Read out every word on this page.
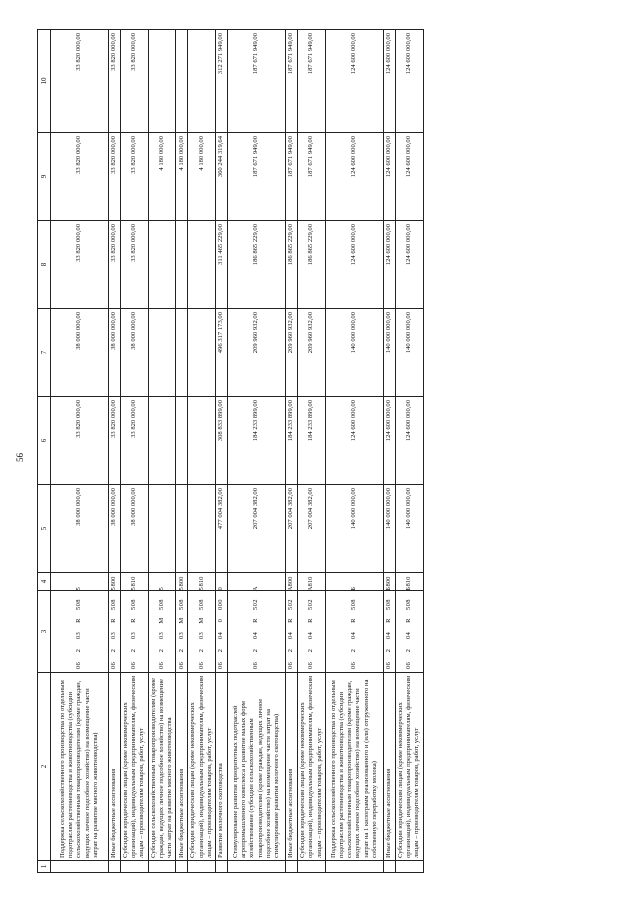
56
1	2	3	4	5	6	7	8	9	10
	Поддержка сельскохозяйственного производства по отдельным подотраслям растениеводства и животноводства (субсидии сельскохозяйственным товаропроизводителям (кроме граждан, ведущих личное подсобное хозяйство) на возмещение части затрат на развитие мясного животноводства)	06203R5085		38 000 000,00	33 820 000,00	38 000 000,00	33 820 000,00	33 820 000,00	33 820 000,00
	Иные бюджетные ассигнования	06203R5085	800	38 000 000,00	33 820 000,00	38 000 000,00	33 820 000,00	33 820 000,00	33 820 000,00
	Субсидии юридическим лицам (кроме некоммерческих организаций), индивидуальным предпринимателям, физическим лицам – производителям товаров, работ, услуг	06203R5085	810	38 000 000,00	33 820 000,00	38 000 000,00	33 820 000,00	33 820 000,00	33 820 000,00
	Субсидии сельскохозяйственным товаропроизводителям (кроме граждан, ведущих личное подсобное хозяйство) на возмещение части затрат на развитие мясного животноводства	06203M5085						4 180 000,00	
	Иные бюджетные ассигнования	06203M5085	800					4 180 000,00	
	Субсидии юридическим лицам (кроме некоммерческих организаций), индивидуальным предпринимателям, физическим лицам – производителям товаров, работ, услуг	06203M5085	810					4 180 000,00	
	Развитие молочного скотоводства	0620400000		477 004 382,00	308 833 899,00	496 317 173,00	311 465 229,00	360 244 319,64	312 271 949,00
	Стимулирование развития приоритетных подотраслей агропромышленного комплекса и развитие малых форм хозяйствования (субсидии сельскохозяйственным товаропроизводителям (кроме граждан, ведущих личное подсобное хозяйство) на возмещение части затрат на стимулирование развития молочного скотоводства)	06204R502А		207 004 382,00	184 233 899,00	209 960 932,00	186 865 229,00	187 671 949,00	187 671 949,00
	Иные бюджетные ассигнования	06204R502А	800	207 004 382,00	184 233 899,00	209 960 932,00	186 865 229,00	187 671 949,00	187 671 949,00
	Субсидии юридическим лицам (кроме некоммерческих организаций), индивидуальным предпринимателям, физическим лицам – производителям товаров, работ, услуг	06204R502А	810	207 004 382,00	184 233 899,00	209 960 932,00	186 865 229,00	187 671 949,00	187 671 949,00
	Поддержка сельскохозяйственного производства по отдельным подотраслям растениеводства и животноводства (субсидии сельскохозяйственным товаропроизводителям (кроме граждан, ведущих личное подсобное хозяйство) на возмещение части затрат на 1 килограмм реализованного и (или) отгруженного на собственную переработку молока)	06204R508Б		140 000 000,00	124 600 000,00	140 000 000,00	124 600 000,00	124 600 000,00	124 600 000,00
	Иные бюджетные ассигнования	06204R508Б	800	140 000 000,00	124 600 000,00	140 000 000,00	124 600 000,00	124 600 000,00	124 600 000,00
	Субсидии юридическим лицам (кроме некоммерческих организаций), индивидуальным предпринимателям, физическим лицам – производителям товаров, работ, услуг	06204R508Б	810	140 000 000,00	124 600 000,00	140 000 000,00	124 600 000,00	124 600 000,00	124 600 000,00
